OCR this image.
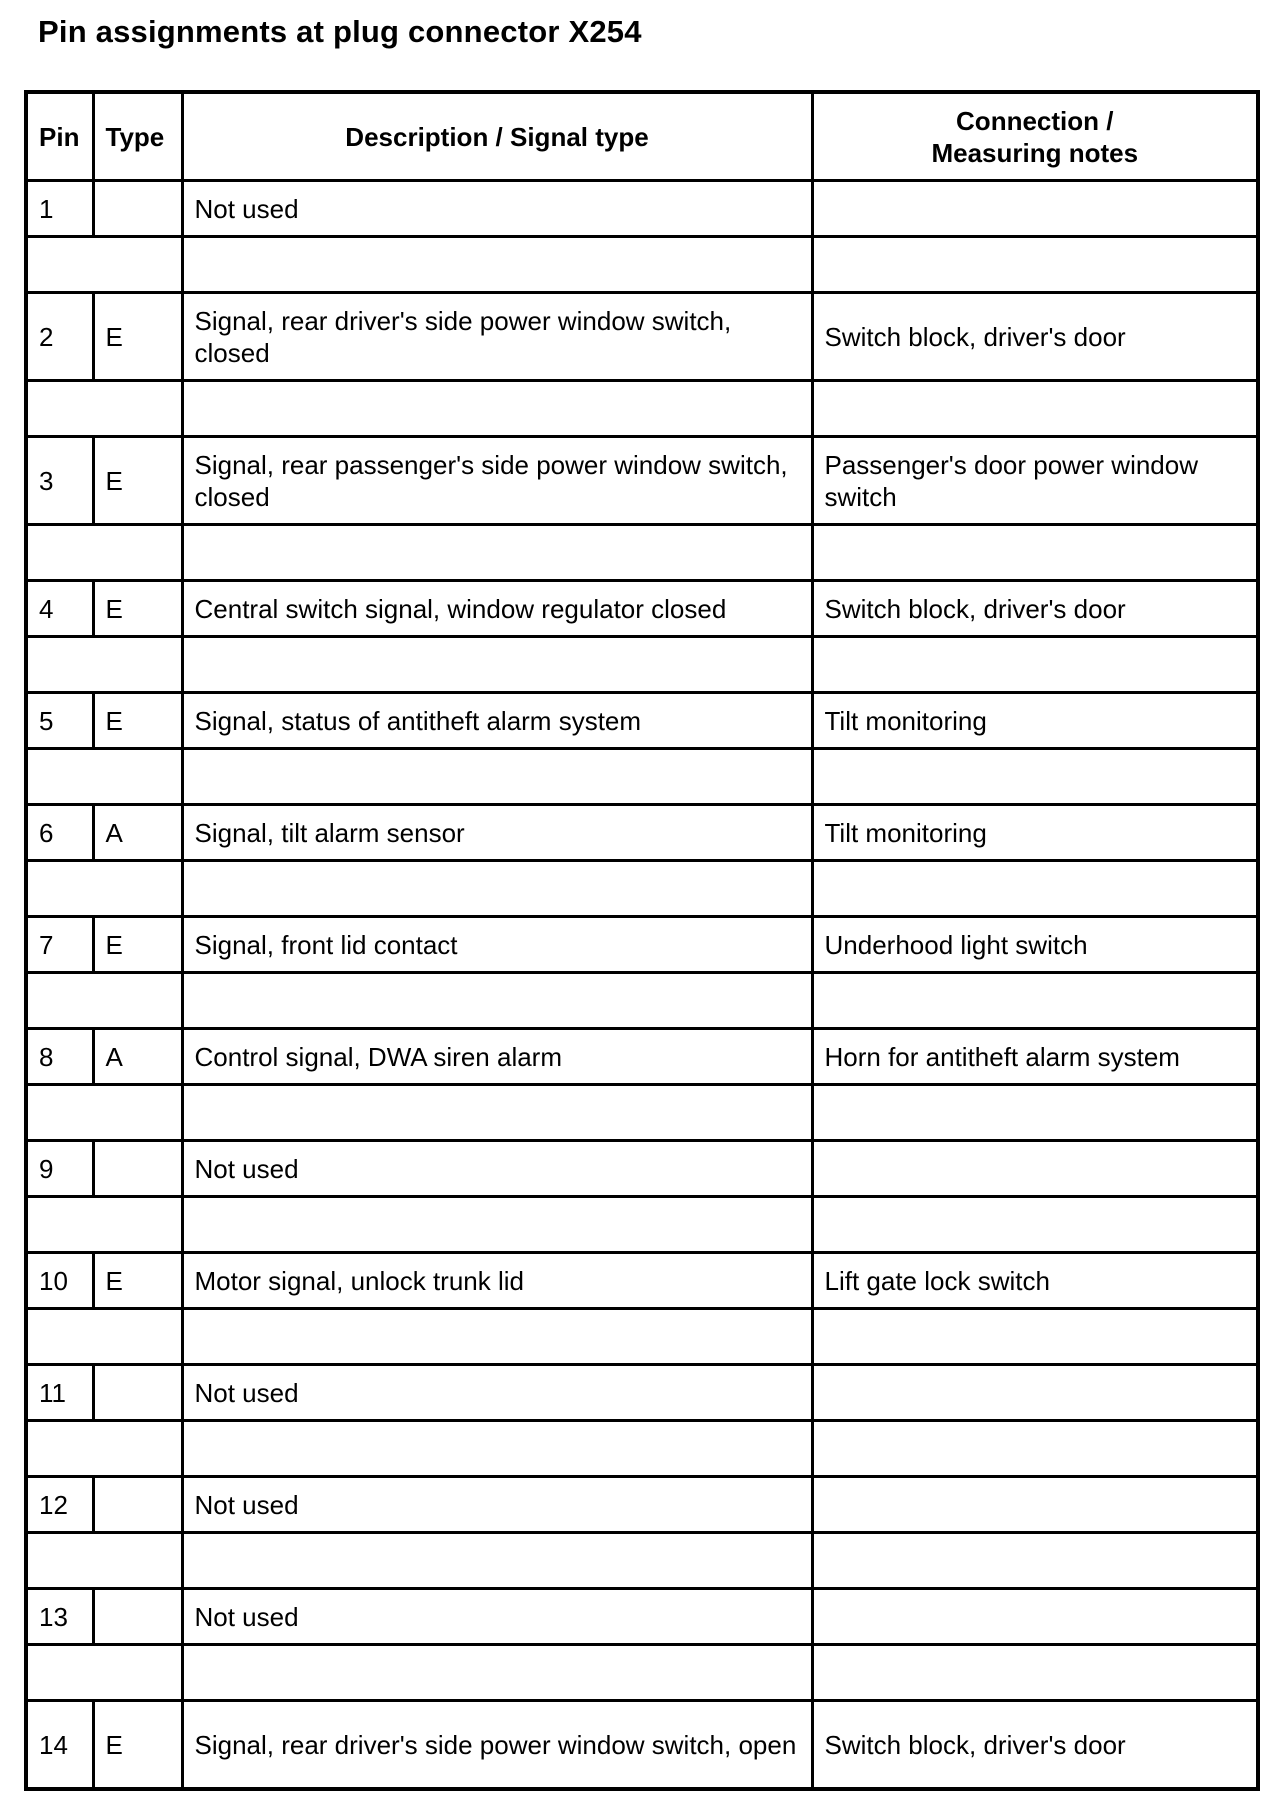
Pin assignments at plug connector X254
Pin	Type	Description / Signal type	Connection /
Measuring notes
1		Not used	

2	E	Signal, rear driver's side power window switch, closed	Switch block, driver's door

3	E	Signal, rear passenger's side power window switch, closed	Passenger's door power window switch

4	E	Central switch signal, window regulator closed	Switch block, driver's door

5	E	Signal, status of antitheft alarm system	Tilt monitoring

6	A	Signal, tilt alarm sensor	Tilt monitoring

7	E	Signal, front lid contact	Underhood light switch

8	A	Control signal, DWA siren alarm	Horn for antitheft alarm system

9		Not used	

10	E	Motor signal, unlock trunk lid	Lift gate lock switch

11		Not used	

12		Not used	

13		Not used	

14	E	Signal, rear driver's side power window switch, open	Switch block, driver's door
